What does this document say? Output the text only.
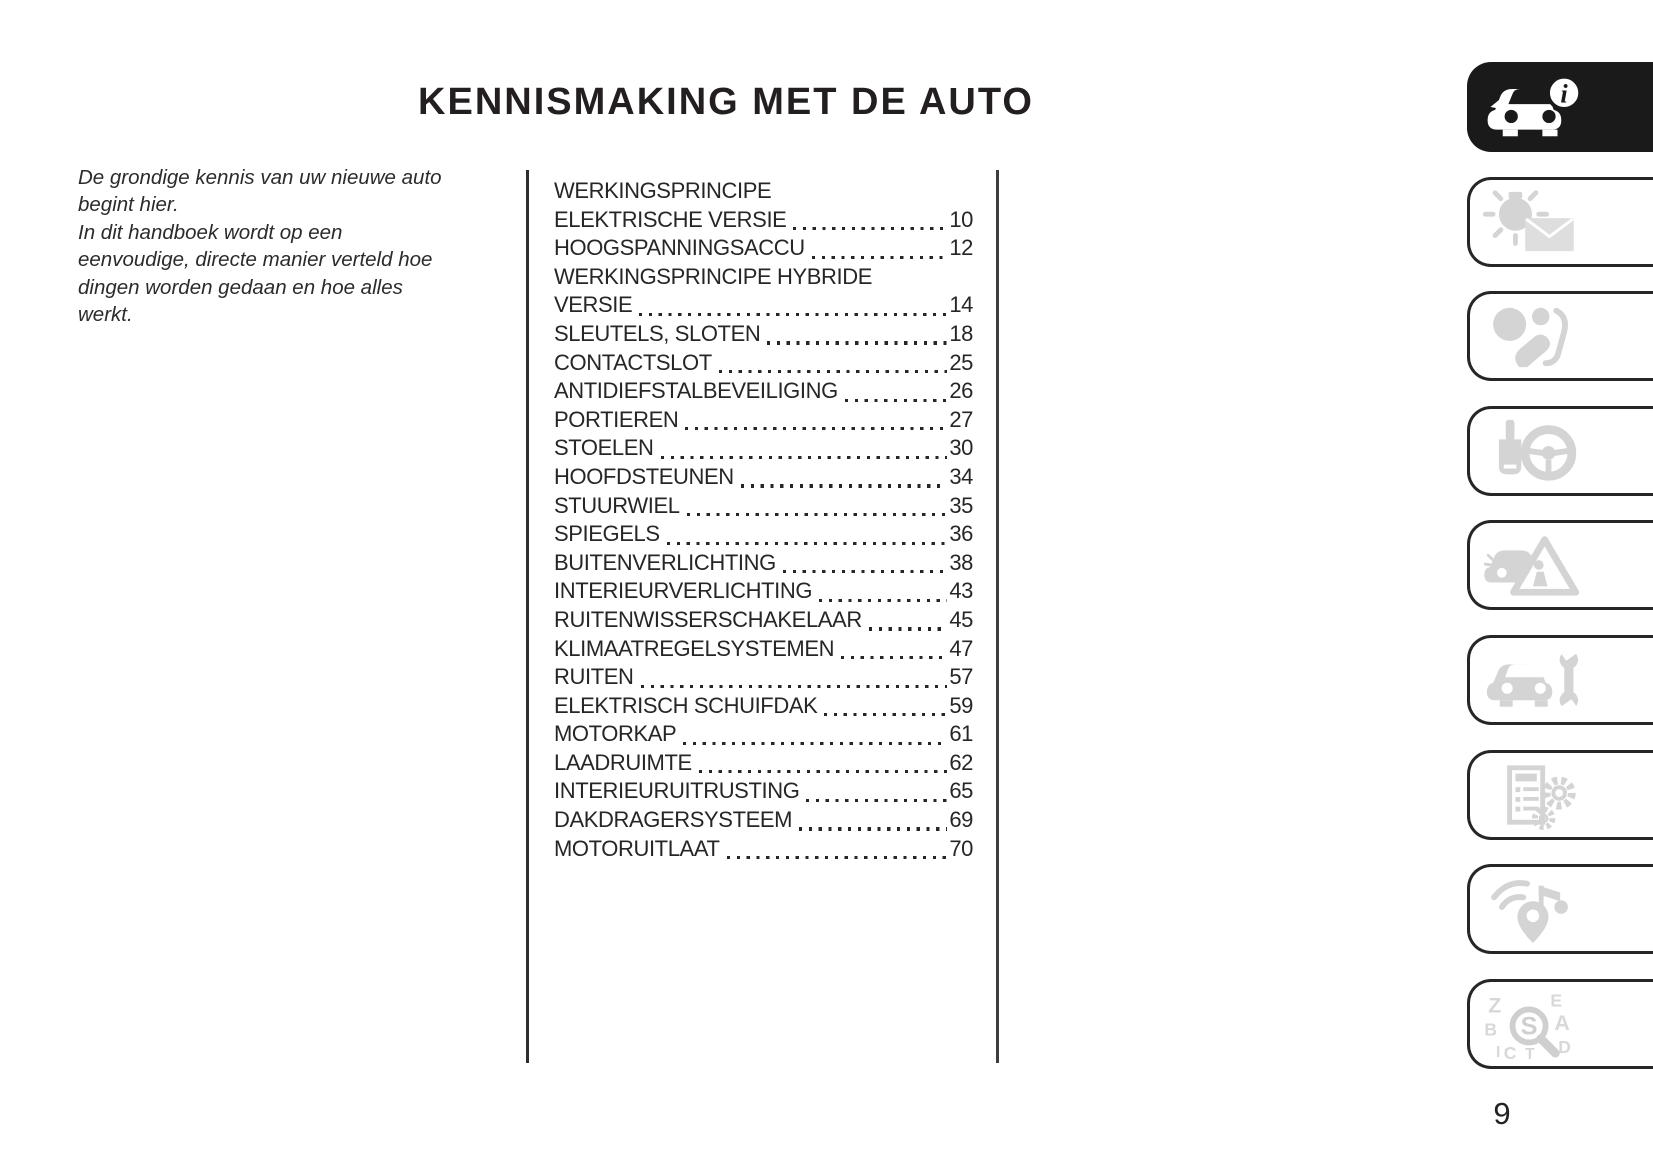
KENNISMAKING MET DE AUTO
De grondige kennis van uw nieuwe auto
begint hier.
In dit handboek wordt op een
eenvoudige, directe manier verteld hoe
dingen worden gedaan en hoe alles
werkt.
WERKINGSPRINCIPE
ELEKTRISCHE VERSIE	10
HOOGSPANNINGSACCU	12
WERKINGSPRINCIPE HYBRIDE
VERSIE	14
SLEUTELS, SLOTEN	18
CONTACTSLOT	25
ANTIDIEFSTALBEVEILIGING	26
PORTIEREN	27
STOELEN	30
HOOFDSTEUNEN	34
STUURWIEL	35
SPIEGELS	36
BUITENVERLICHTING	38
INTERIEURVERLICHTING	43
RUITENWISSERSCHAKELAAR	45
KLIMAATREGELSYSTEMEN	47
RUITEN	57
ELEKTRISCH SCHUIFDAK	59
MOTORKAP	61
LAADRUIMTE	62
INTERIEURUITRUSTING	65
DAKDRAGERSYSTEEM	69
MOTORUITLAAT	70
i
Z	E
B	A
I C T D
S
9
